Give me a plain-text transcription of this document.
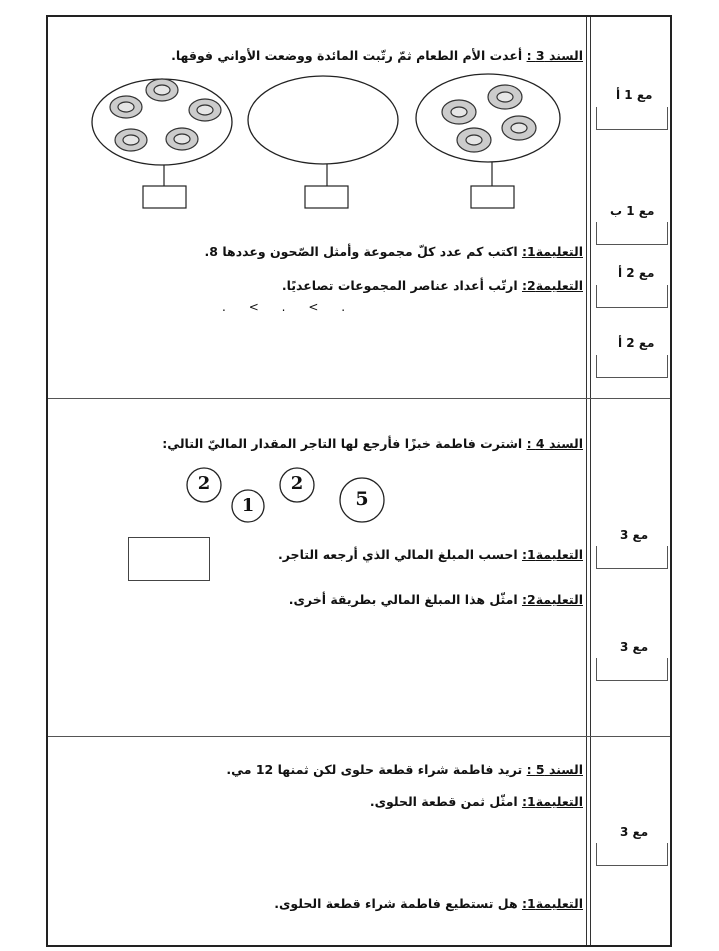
2
1
2
5
السند 3 : أعدت الأم الطعام ثمّ رتّبت المائدة ووضعت الأواني فوقها.
التعليمة1: اكتب كم عدد كلّ مجموعة وأمثل الصّحون وعددها 8.
التعليمة2: ارتّب أعداد عناصر المجموعات تصاعديًا.
.      <      .      <      .
السند 4 : اشترت فاطمة خبزًا فأرجع لها التاجر المقدار الماليّ التالي:
التعليمة1: احسب المبلغ المالي الذي أرجعه التاجر.
التعليمة2: امثّل هذا المبلغ المالي بطريقة أخرى.
السند 5 : تريد فاطمة شراء قطعة حلوى لكن ثمنها 12 مي.
التعليمة1: امثّل ثمن قطعة الحلوى.
التعليمة1: هل تستطيع فاطمة شراء قطعة الحلوى.
مع 1 أ
مع 1 ب
مع 2 أ
مع 2 أ
مع 3
مع 3
مع 3
